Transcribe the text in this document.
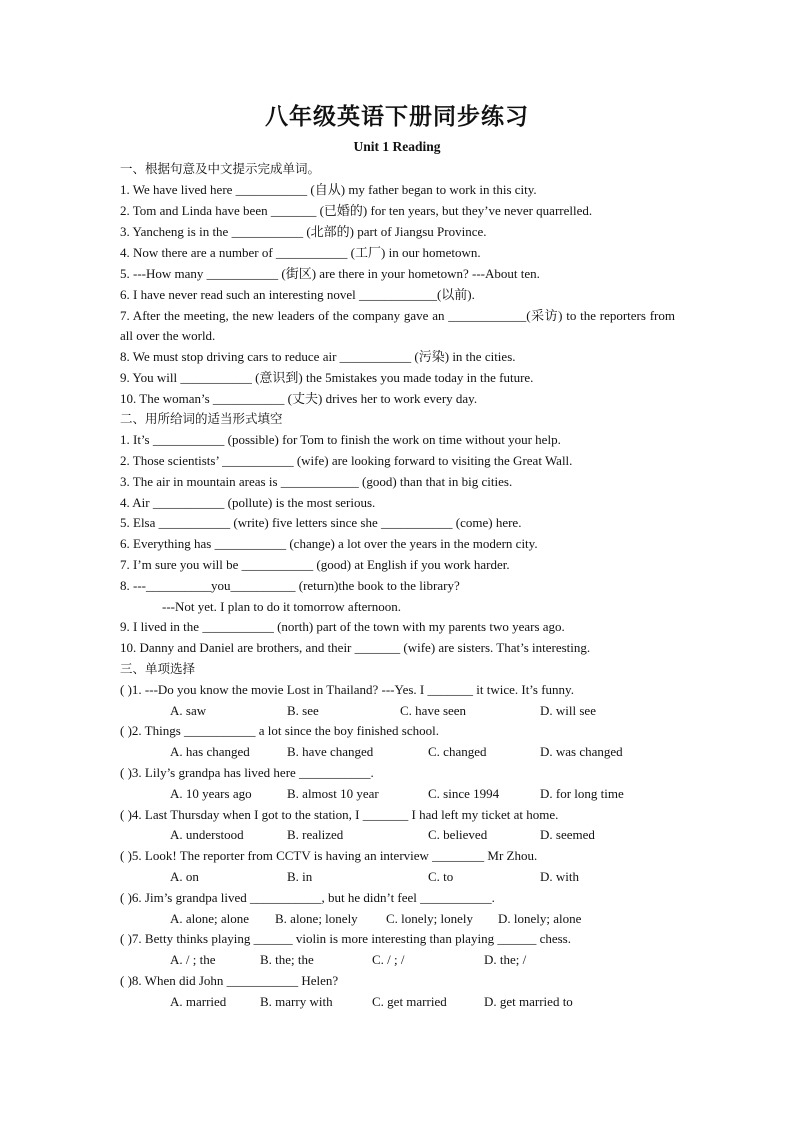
八年级英语下册同步练习
Unit 1 Reading
一、根据句意及中文提示完成单词。
1. We have lived here ___________ (自从) my father began to work in this city.
2. Tom and Linda have been _______ (已婚的) for ten years, but they’ve never quarrelled.
3. Yancheng is in the ___________ (北部的) part of Jiangsu Province.
4. Now there are a number of ___________ (工厂) in our hometown.
5. ---How many ___________ (街区) are there in your hometown? ---About ten.
6. I have never read such an interesting novel ____________(以前).
7. After the meeting, the new leaders of the company gave an ____________(采访) to the reporters from all over the world.
8. We must stop driving cars to reduce air ___________ (污染) in the cities.
9. You will ___________ (意识到) the 5mistakes you made today in the future.
10. The woman’s ___________ (丈夫) drives her to work every day.
二、用所给词的适当形式填空
1. It’s ___________ (possible) for Tom to finish the work on time without your help.
2. Those scientists’ ___________ (wife) are looking forward to visiting the Great Wall.
3. The air in mountain areas is ____________ (good) than that in big cities.
4. Air ___________ (pollute) is the most serious.
5. Elsa ___________ (write) five letters since she ___________ (come) here.
6. Everything has ___________ (change) a lot over the years in the modern city.
7. I’m sure you will be ___________ (good) at English if you work harder.
8. ---__________you__________ (return)the book to the library?
---Not yet. I plan to do it tomorrow afternoon.
9. I lived in the ___________ (north) part of the town with my parents two years ago.
10. Danny and Daniel are brothers, and their _______ (wife) are sisters. That’s interesting.
三、单项选择
( )1. ---Do you know the movie Lost in Thailand? ---Yes. I _______ it twice. It’s funny.
A. saw	B. see	C. have seen	D. will see
( )2. Things ___________ a lot since the boy finished school.
A. has changed	B. have changed	C. changed	D. was changed
( )3. Lily’s grandpa has lived here ___________.
A. 10 years ago	B. almost 10 year	C. since 1994	D. for long time
( )4. Last Thursday when I got to the station, I _______ I had left my ticket at home.
A. understood	B. realized	C. believed	D. seemed
( )5. Look! The reporter from CCTV is having an interview ________ Mr Zhou.
A. on	B. in	C. to	D. with
( )6. Jim’s grandpa lived ___________, but he didn’t feel ___________.
A. alone; alone B. alone; lonely C. lonely; lonely D. lonely; alone
( )7. Betty thinks playing ______ violin is more interesting than playing ______ chess.
A. / ; the	B. the; the	C. / ; /	D. the; /
( )8. When did John ___________ Helen?
A. married	B. marry with	C. get married	D. get married to
